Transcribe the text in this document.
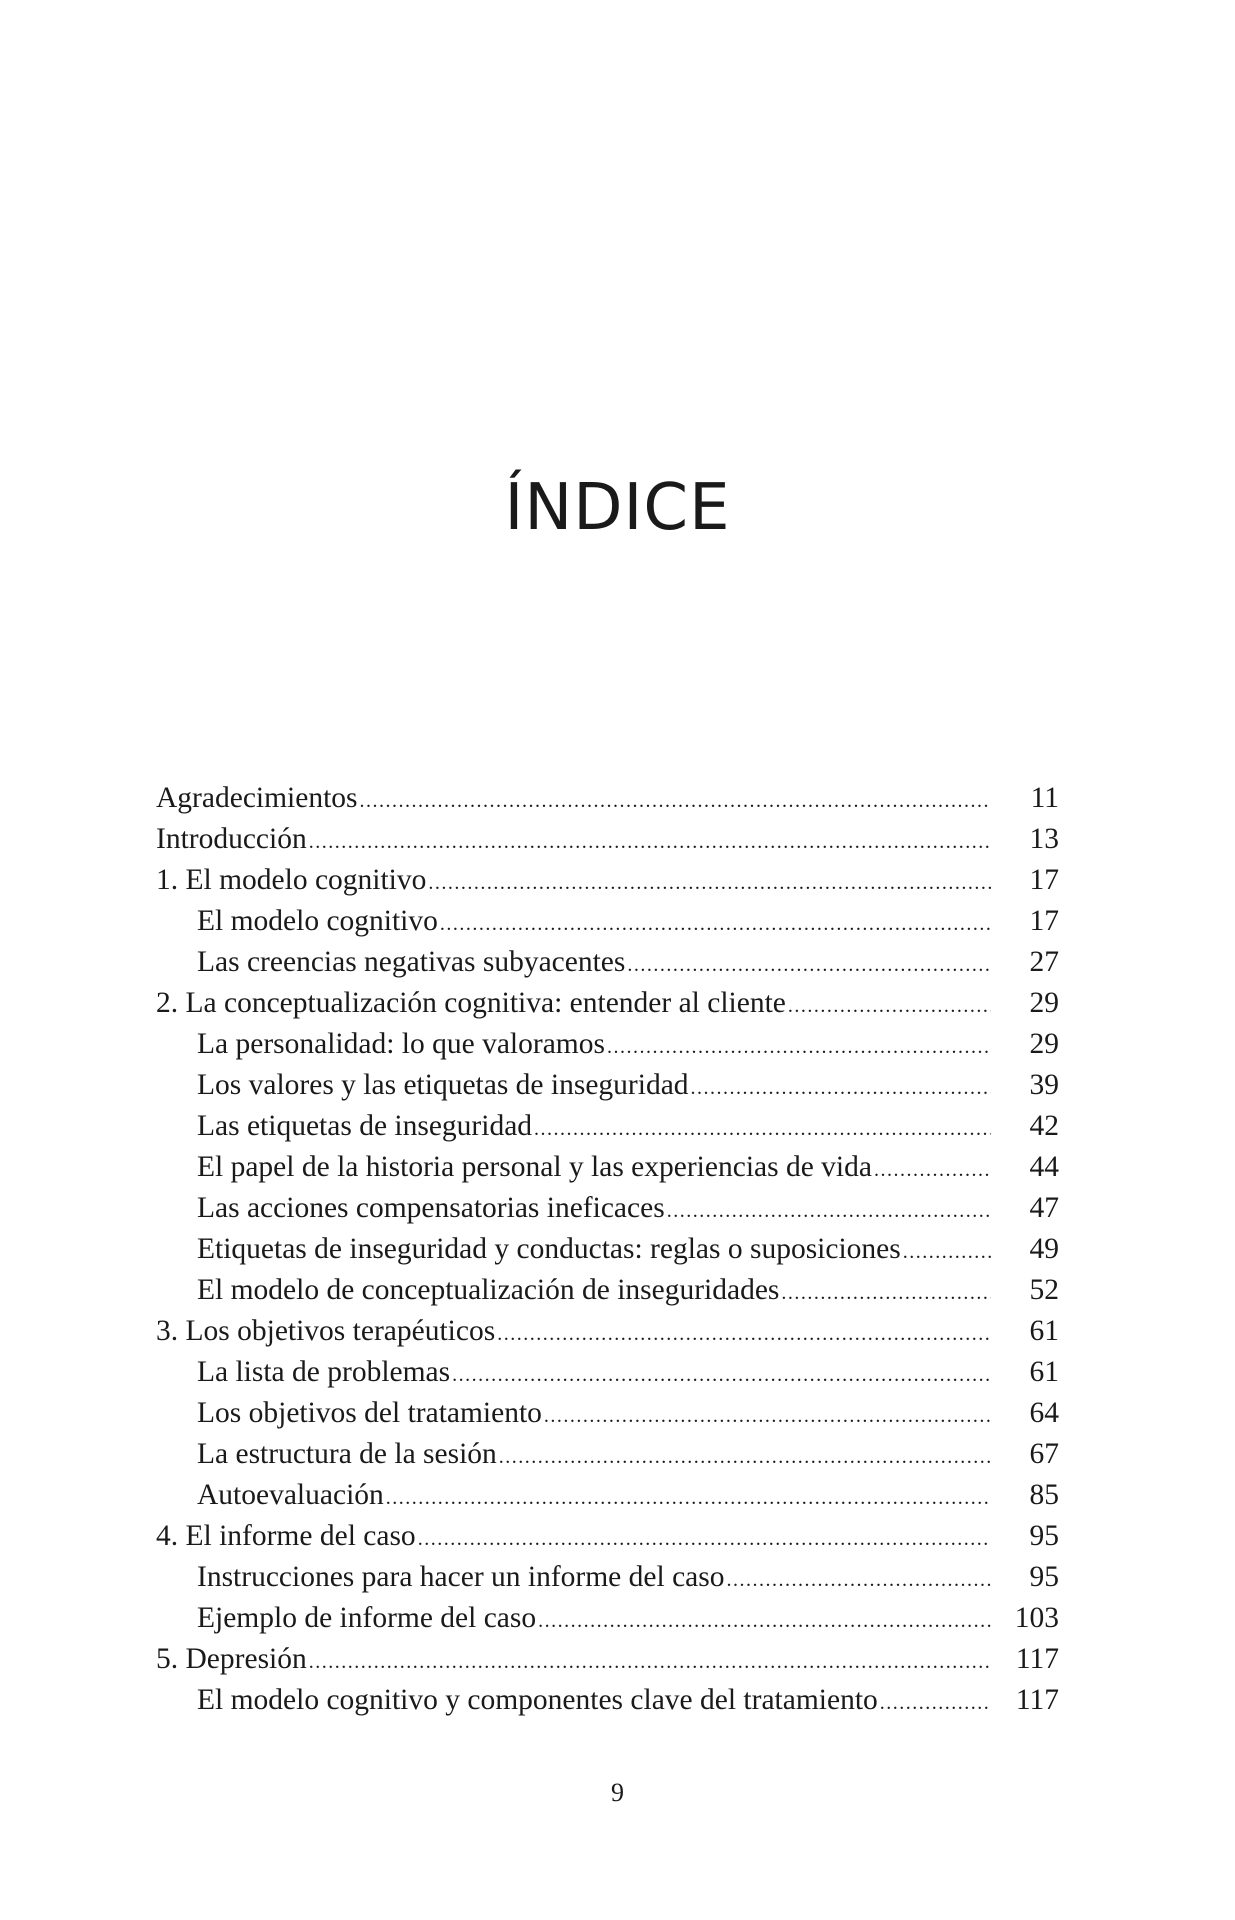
ÍNDICE
Agradecimientos .....	11
Introducción .....	13
1. El modelo cognitivo .....	17
El modelo cognitivo .....	17
Las creencias negativas subyacentes .....	27
2. La conceptualización cognitiva: entender al cliente .....	29
La personalidad: lo que valoramos .....	29
Los valores y las etiquetas de inseguridad .....	39
Las etiquetas de inseguridad .....	42
El papel de la historia personal y las experiencias de vida .....	44
Las acciones compensatorias ineficaces .....	47
Etiquetas de inseguridad y conductas: reglas o suposiciones .....	49
El modelo de conceptualización de inseguridades .....	52
3. Los objetivos terapéuticos .....	61
La lista de problemas .....	61
Los objetivos del tratamiento .....	64
La estructura de la sesión .....	67
Autoevaluación .....	85
4. El informe del caso .....	95
Instrucciones para hacer un informe del caso .....	95
Ejemplo de informe del caso .....	103
5. Depresión .....	117
El modelo cognitivo y componentes clave del tratamiento .....	117
9
